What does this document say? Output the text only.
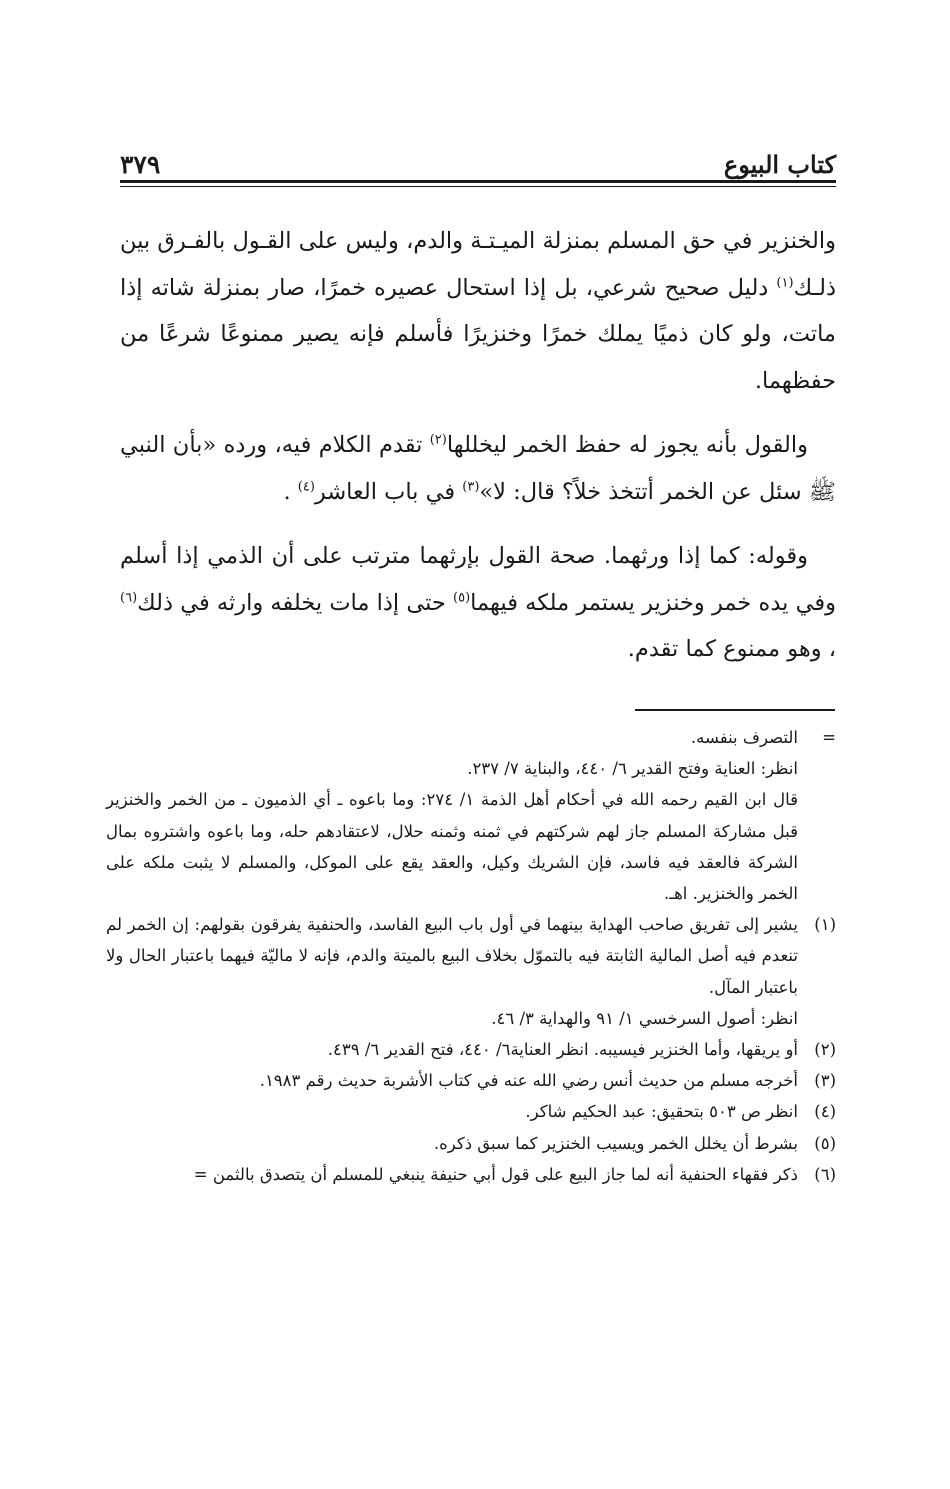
كتاب البيوع
٣٧٩

والخنزير في حق المسلم بمنزلة الميـتـة والدم، وليس على القـول بالفـرق بين ذلـك$^{(١)}$ دليل صحيح شرعي، بل إذا استحال عصيره خمرًا، صار بمنزلة شاته إذا ماتت، ولو كان ذميًا يملك خمرًا وخنزيرًا فأسلم فإنه يصير ممنوعًا شرعًا من حفظهما.

والقول بأنه يجوز له حفظ الخمر ليخللها$^{(٢)}$ تقدم الكلام فيه، ورده «بأن النبي ﷺ سئل عن الخمر أتتخذ خلاً؟ قال: لا»$^{(٣)}$ في باب العاشر$^{(٤)}$ .

وقوله: كما إذا ورثهما. صحة القول بإرثهما مترتب على أن الذمي إذا أسلم وفي يده خمر وخنزير يستمر ملكه فيهما$^{(٥)}$ حتى إذا مات يخلفه وارثه في ذلك$^{(٦)}$ ، وهو ممنوع كما تقدم.

=
التصرف بنفسه.
انظر: العناية وفتح القدير ٦/ ٤٤٠، والبناية ٧/ ٢٣٧.
قال ابن القيم رحمه الله في أحكام أهل الذمة ١/ ٢٧٤: وما باعوه ـ أي الذميون ـ من الخمر والخنزير قبل مشاركة المسلم جاز لهم شركتهم في ثمنه وثمنه حلال، لاعتقادهم حله، وما باعوه واشتروه بمال الشركة فالعقد فيه فاسد، فإن الشريك وكيل، والعقد يقع على الموكل، والمسلم لا يثبت ملكه على الخمر والخنزير. اهـ.
(١)
يشير إلى تفريق صاحب الهداية بينهما في أول باب البيع الفاسد، والحنفية يفرقون بقولهم: إن الخمر لم تنعدم فيه أصل المالية الثابتة فيه بالتموّل بخلاف البيع بالميتة والدم، فإنه لا ماليّة فيهما باعتبار الحال ولا باعتبار المآل.
انظر: أصول السرخسي ١/ ٩١ والهداية ٣/ ٤٦.
(٢)
أو يريقها، وأما الخنزير فيسيبه. انظر العناية٦/ ٤٤٠، فتح القدير ٦/ ٤٣٩.
(٣)
أخرجه مسلم من حديث أنس رضي الله عنه في كتاب الأشربة حديث رقم ١٩٨٣.
(٤)
انظر ص ٥٠٣ بتحقيق: عبد الحكيم شاكر.
(٥)
بشرط أن يخلل الخمر ويسيب الخنزير كما سبق ذكره.
(٦)
ذكر فقهاء الحنفية أنه لما جاز البيع على قول أبي حنيفة ينبغي للمسلم أن يتصدق بالثمن =
